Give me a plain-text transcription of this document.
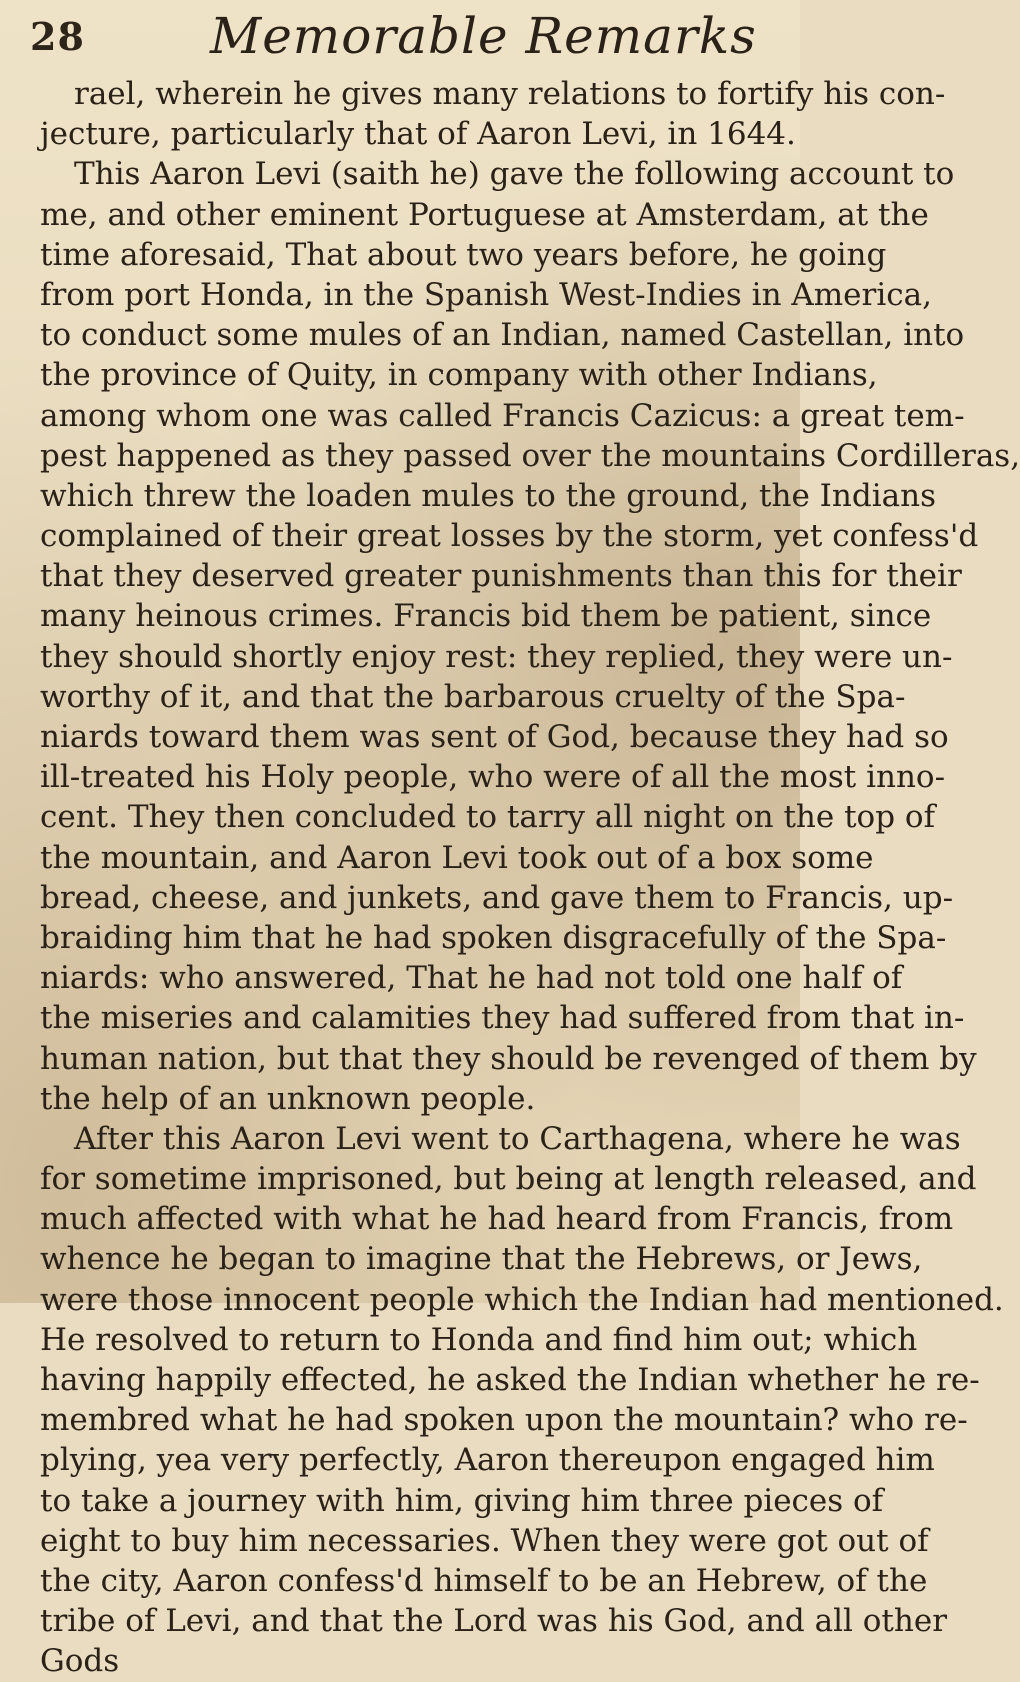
28	Memorable Remarks
rael, wherein he gives many relations to fortify his con-
jecture, particularly that of Aaron Levi, in 1644.
This Aaron Levi (saith he) gave the following account to
me, and other eminent Portuguese at Amsterdam, at the
time aforesaid, That about two years before, he going
from port Honda, in the Spanish West-Indies in America,
to conduct some mules of an Indian, named Castellan, into
the province of Quity, in company with other Indians,
among whom one was called Francis Cazicus: a great tem-
pest happened as they passed over the mountains Cordilleras,
which threw the loaden mules to the ground, the Indians
complained of their great losses by the storm, yet confess'd
that they deserved greater punishments than this for their
many heinous crimes. Francis bid them be patient, since
they should shortly enjoy rest: they replied, they were un-
worthy of it, and that the barbarous cruelty of the Spa-
niards toward them was sent of God, because they had so
ill-treated his Holy people, who were of all the most inno-
cent. They then concluded to tarry all night on the top of
the mountain, and Aaron Levi took out of a box some
bread, cheese, and junkets, and gave them to Francis, up-
braiding him that he had spoken disgracefully of the Spa-
niards: who answered, That he had not told one half of
the miseries and calamities they had suffered from that in-
human nation, but that they should be revenged of them by
the help of an unknown people.
After this Aaron Levi went to Carthagena, where he was
for sometime imprisoned, but being at length released, and
much affected with what he had heard from Francis, from
whence he began to imagine that the Hebrews, or Jews,
were those innocent people which the Indian had mentioned.
He resolved to return to Honda and find him out; which
having happily effected, he asked the Indian whether he re-
membred what he had spoken upon the mountain? who re-
plying, yea very perfectly, Aaron thereupon engaged him
to take a journey with him, giving him three pieces of
eight to buy him necessaries. When they were got out of
the city, Aaron confess'd himself to be an Hebrew, of the
tribe of Levi, and that the Lord was his God, and all other
Gods
